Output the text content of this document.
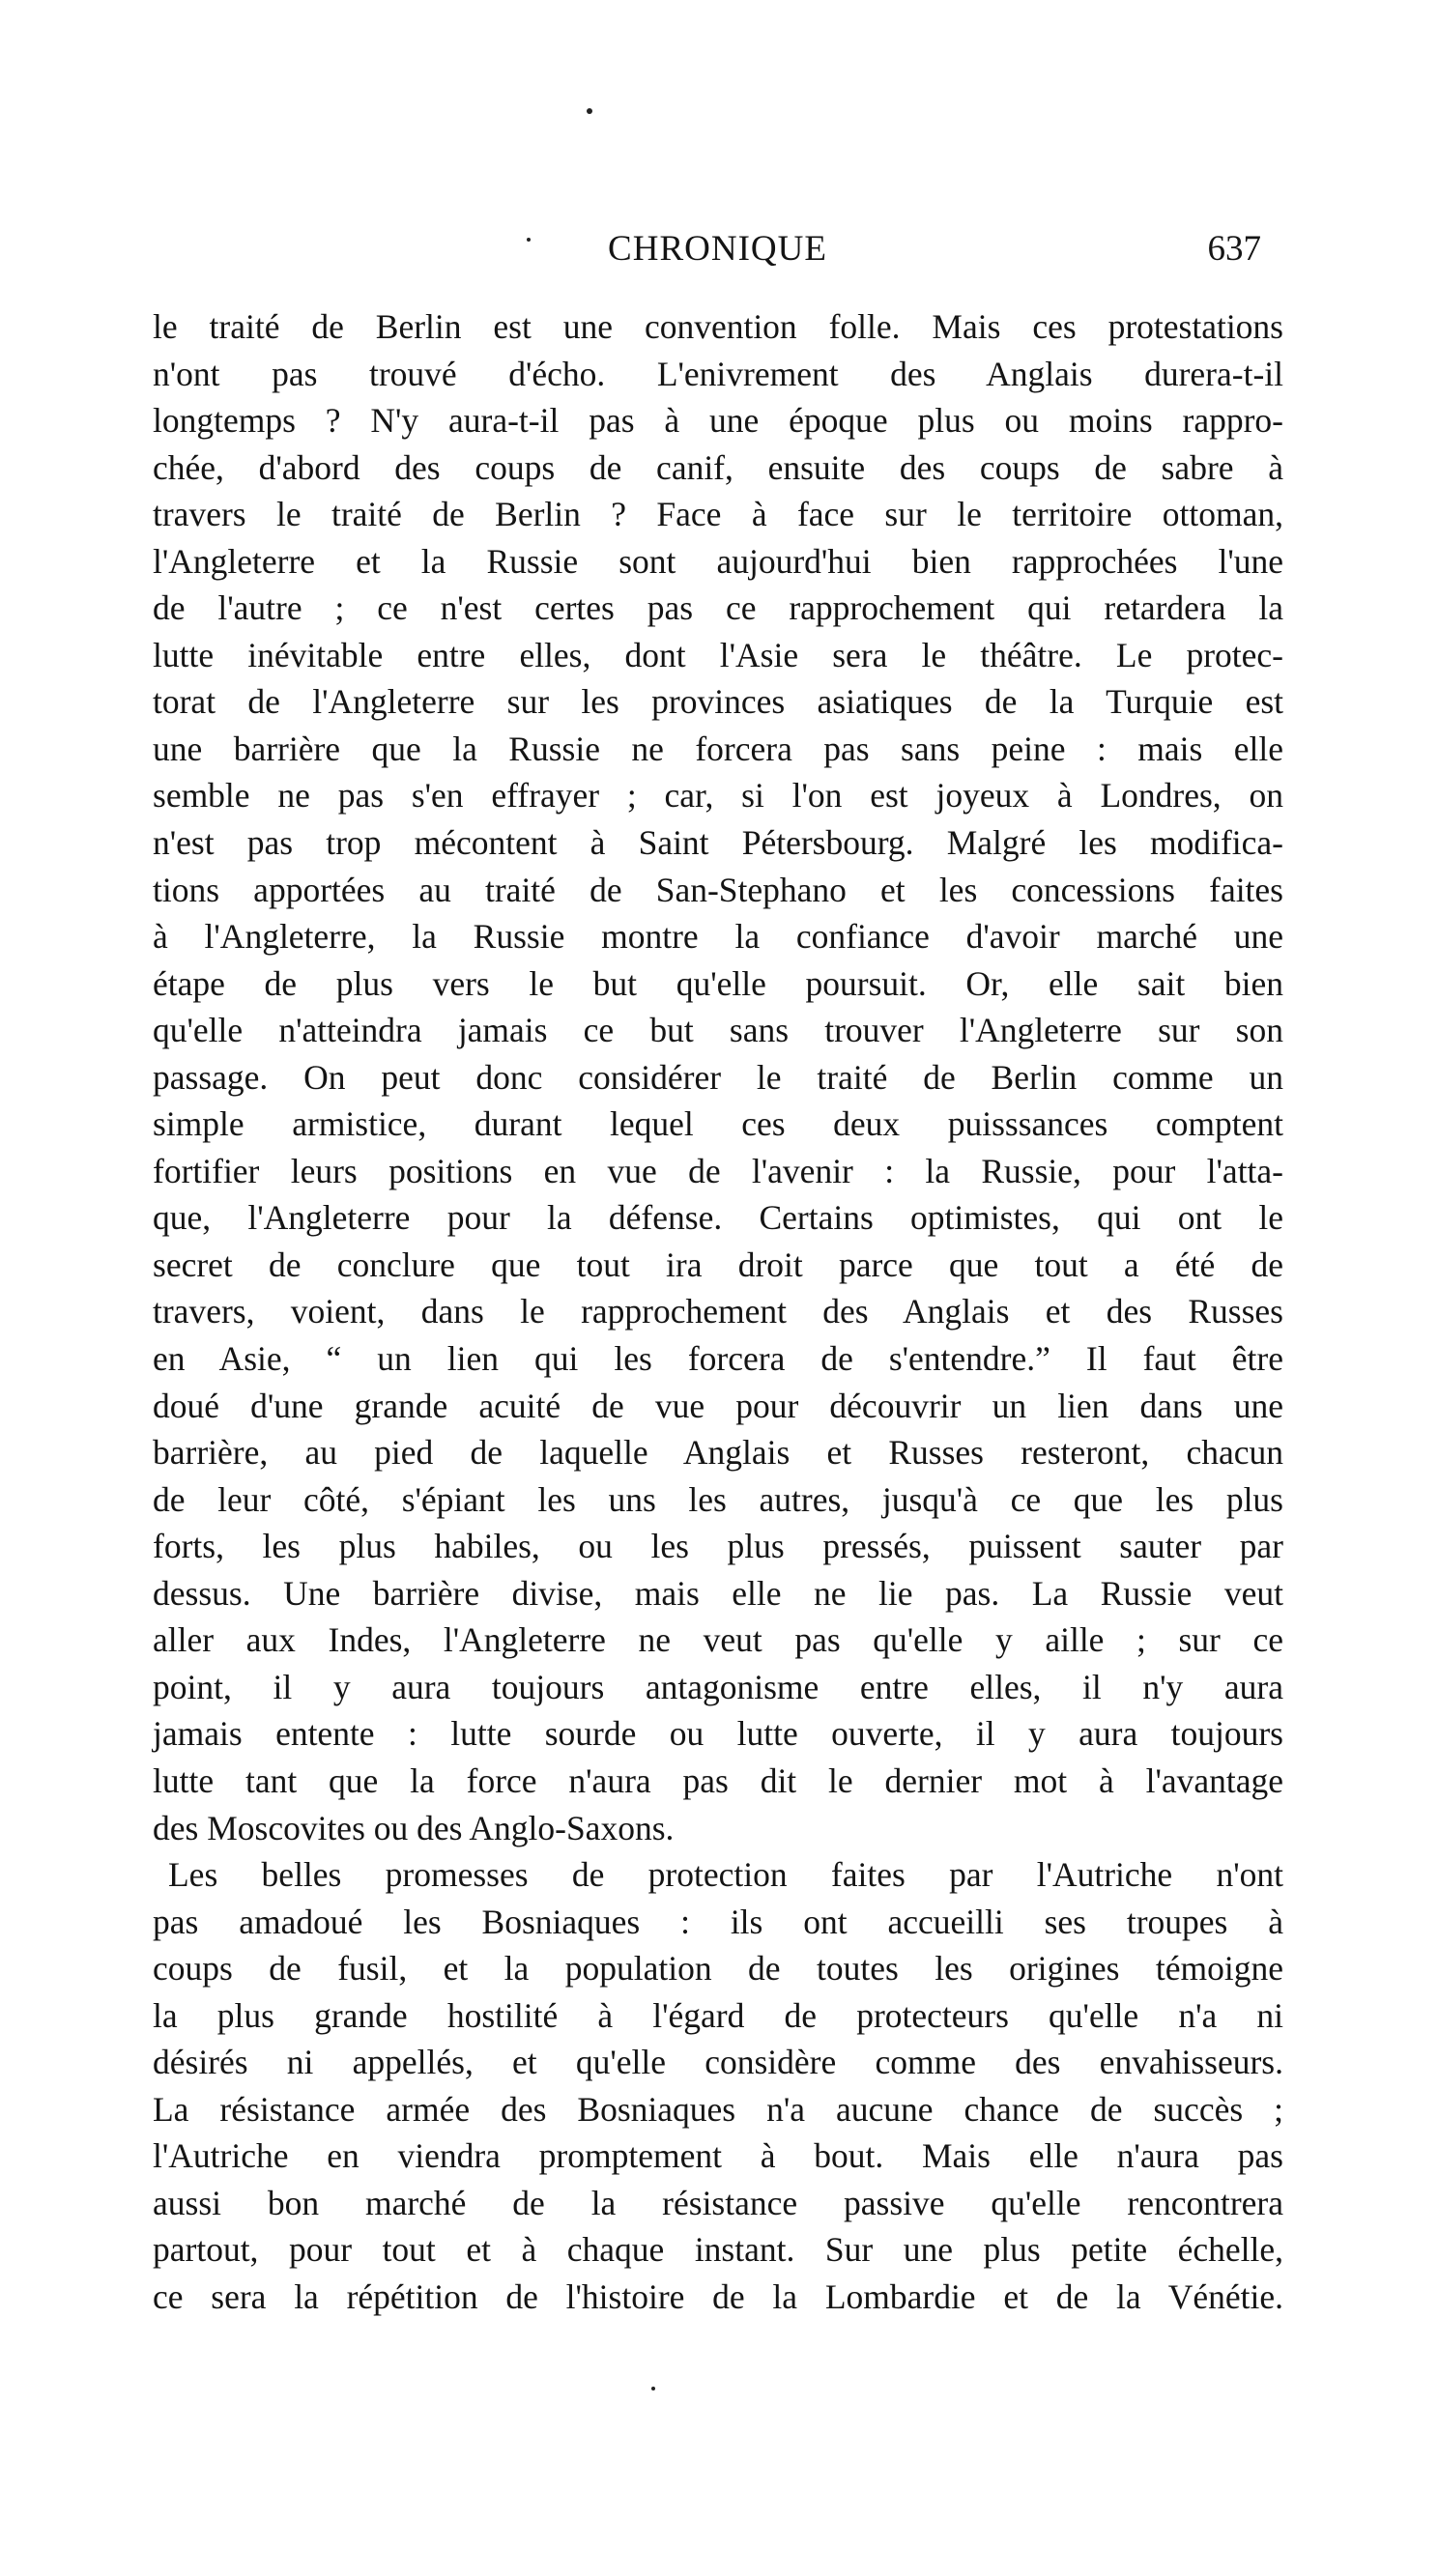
CHRONIQUE	637
le traité de Berlin est une convention folle. Mais ces protestations
n'ont pas trouvé d'écho. L'enivrement des Anglais durera-t-il
longtemps ? N'y aura-t-il pas à une époque plus ou moins rappro-
chée, d'abord des coups de canif, ensuite des coups de sabre à
travers le traité de Berlin ? Face à face sur le territoire ottoman,
l'Angleterre et la Russie sont aujourd'hui bien rapprochées l'une
de l'autre ; ce n'est certes pas ce rapprochement qui retardera la
lutte inévitable entre elles, dont l'Asie sera le théâtre. Le protec-
torat de l'Angleterre sur les provinces asiatiques de la Turquie est
une barrière que la Russie ne forcera pas sans peine : mais elle
semble ne pas s'en effrayer ; car, si l'on est joyeux à Londres, on
n'est pas trop mécontent à Saint Pétersbourg. Malgré les modifica-
tions apportées au traité de San-Stephano et les concessions faites
à l'Angleterre, la Russie montre la confiance d'avoir marché une
étape de plus vers le but qu'elle poursuit. Or, elle sait bien
qu'elle n'atteindra jamais ce but sans trouver l'Angleterre sur son
passage. On peut donc considérer le traité de Berlin comme un
simple armistice, durant lequel ces deux puisssances comptent
fortifier leurs positions en vue de l'avenir : la Russie, pour l'atta-
que, l'Angleterre pour la défense. Certains optimistes, qui ont le
secret de conclure que tout ira droit parce que tout a été de
travers, voient, dans le rapprochement des Anglais et des Russes
en Asie, “ un lien qui les forcera de s'entendre.” Il faut être
doué d'une grande acuité de vue pour découvrir un lien dans une
barrière, au pied de laquelle Anglais et Russes resteront, chacun
de leur côté, s'épiant les uns les autres, jusqu'à ce que les plus
forts, les plus habiles, ou les plus pressés, puissent sauter par
dessus. Une barrière divise, mais elle ne lie pas. La Russie veut
aller aux Indes, l'Angleterre ne veut pas qu'elle y aille ; sur ce
point, il y aura toujours antagonisme entre elles, il n'y aura
jamais entente : lutte sourde ou lutte ouverte, il y aura toujours
lutte tant que la force n'aura pas dit le dernier mot à l'avantage
des Moscovites ou des Anglo-Saxons.
Les belles promesses de protection faites par l'Autriche n'ont
pas amadoué les Bosniaques : ils ont accueilli ses troupes à
coups de fusil, et la population de toutes les origines témoigne
la plus grande hostilité à l'égard de protecteurs qu'elle n'a ni
désirés ni appellés, et qu'elle considère comme des envahisseurs.
La résistance armée des Bosniaques n'a aucune chance de succès ;
l'Autriche en viendra promptement à bout. Mais elle n'aura pas
aussi bon marché de la résistance passive qu'elle rencontrera
partout, pour tout et à chaque instant. Sur une plus petite échelle,
ce sera la répétition de l'histoire de la Lombardie et de la Vénétie.
